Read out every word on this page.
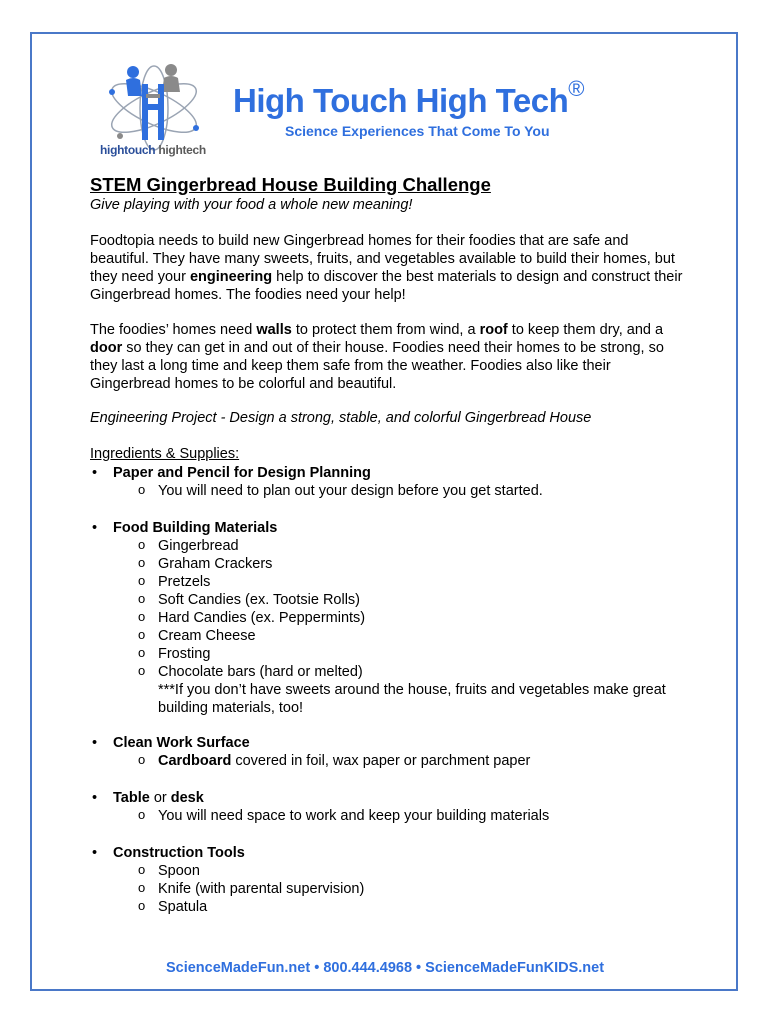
hightouch hightech
High Touch High Tech®
Science Experiences That Come To You
STEM Gingerbread House Building Challenge
Give playing with your food a whole new meaning!
Foodtopia needs to build new Gingerbread homes for their foodies that are safe and beautiful. They have many sweets, fruits, and vegetables available to build their homes, but they need your engineering help to discover the best materials to design and construct their Gingerbread homes. The foodies need your help!
The foodies’ homes need walls to protect them from wind, a roof to keep them dry, and a door so they can get in and out of their house. Foodies need their homes to be strong, so they last a long time and keep them safe from the weather. Foodies also like their Gingerbread homes to be colorful and beautiful.
Engineering Project - Design a strong, stable, and colorful Gingerbread House
Ingredients & Supplies:
• Paper and Pencil for Design Planning
o You will need to plan out your design before you get started.
• Food Building Materials
o Gingerbread
o Graham Crackers
o Pretzels
o Soft Candies (ex. Tootsie Rolls)
o Hard Candies (ex. Peppermints)
o Cream Cheese
o Frosting
o Chocolate bars (hard or melted)
***If you don’t have sweets around the house, fruits and vegetables make great building materials, too!
• Clean Work Surface
o Cardboard covered in foil, wax paper or parchment paper
• Table or desk
o You will need space to work and keep your building materials
• Construction Tools
o Spoon
o Knife (with parental supervision)
o Spatula
ScienceMadeFun.net • 800.444.4968 • ScienceMadeFunKIDS.net
